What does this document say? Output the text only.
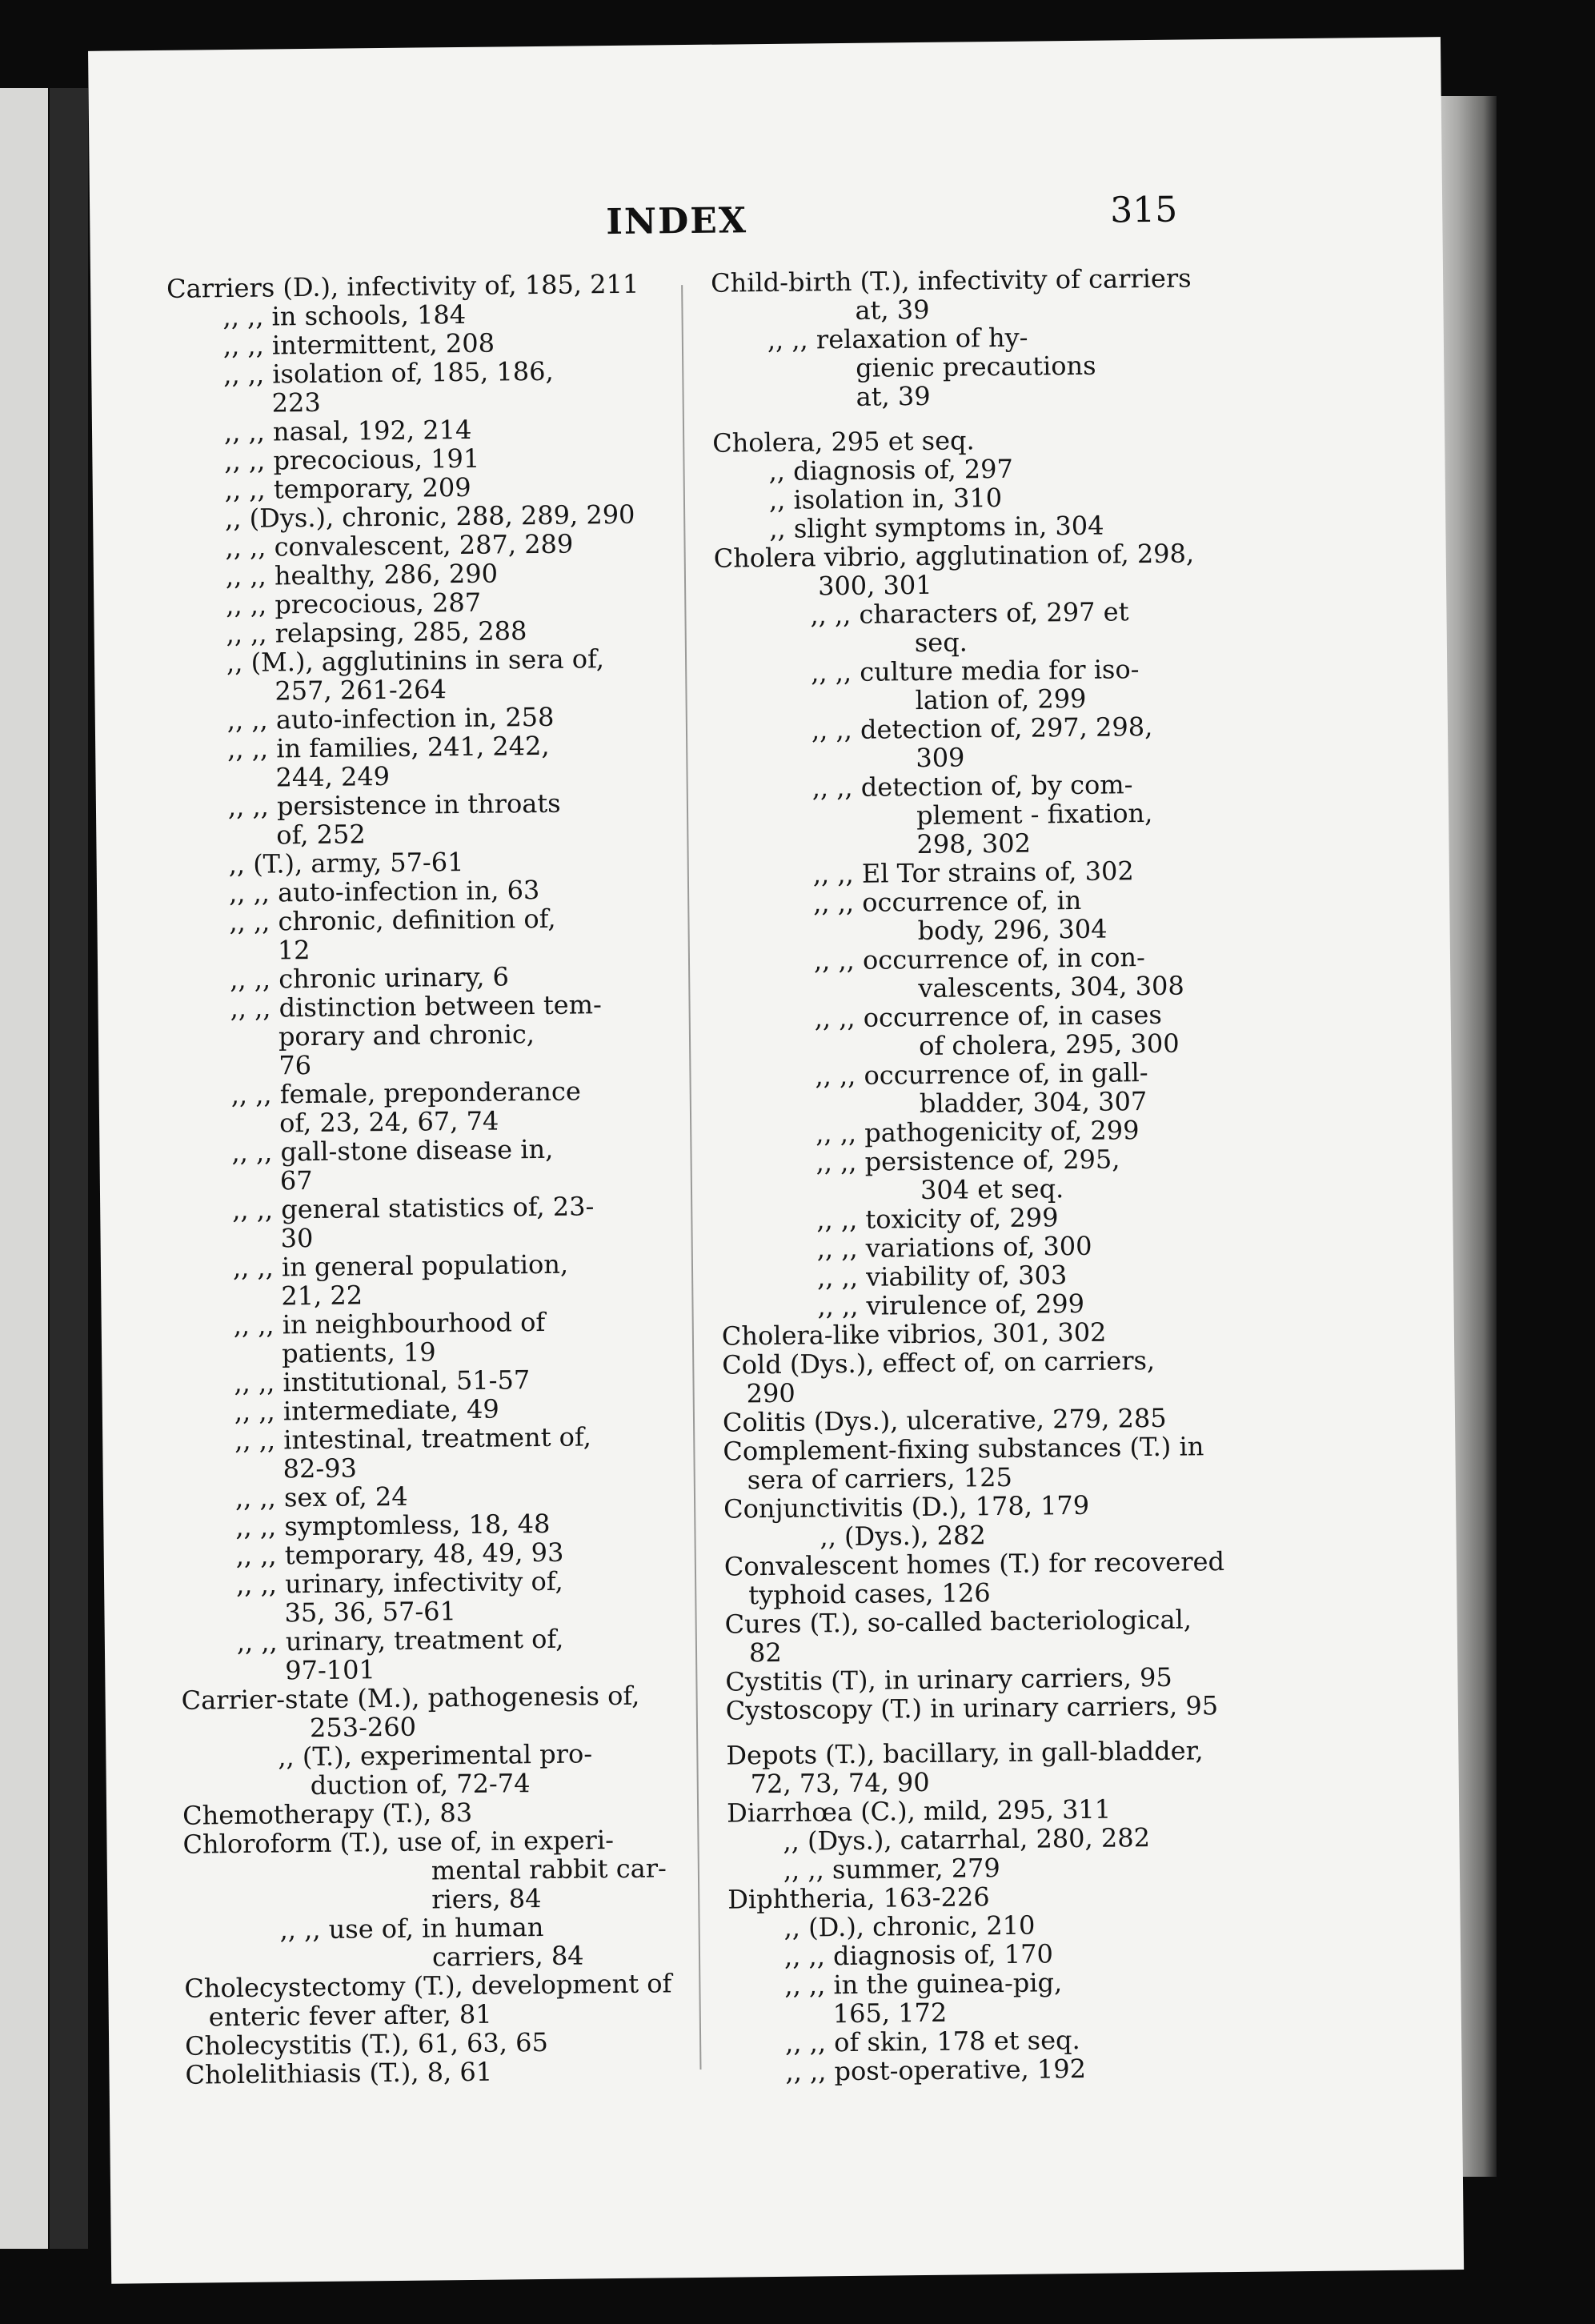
INDEX	315
Carriers (D.), infectivity of, 185, 211
,, ,, in schools, 184
,, ,, intermittent, 208
,, ,, isolation of, 185, 186,
223
,, ,, nasal, 192, 214
,, ,, precocious, 191
,, ,, temporary, 209
,, (Dys.), chronic, 288, 289, 290
,, ,, convalescent, 287, 289
,, ,, healthy, 286, 290
,, ,, precocious, 287
,, ,, relapsing, 285, 288
,, (M.), agglutinins in sera of,
257, 261-264
,, ,, auto-infection in, 258
,, ,, in families, 241, 242,
244, 249
,, ,, persistence in throats
of, 252
,, (T.), army, 57-61
,, ,, auto-infection in, 63
,, ,, chronic, definition of,
12
,, ,, chronic urinary, 6
,, ,, distinction between tem-
porary and chronic,
76
,, ,, female, preponderance
of, 23, 24, 67, 74
,, ,, gall-stone disease in,
67
,, ,, general statistics of, 23-
30
,, ,, in general population,
21, 22
,, ,, in neighbourhood of
patients, 19
,, ,, institutional, 51-57
,, ,, intermediate, 49
,, ,, intestinal, treatment of,
82-93
,, ,, sex of, 24
,, ,, symptomless, 18, 48
,, ,, temporary, 48, 49, 93
,, ,, urinary, infectivity of,
35, 36, 57-61
,, ,, urinary, treatment of,
97-101
Carrier-state (M.), pathogenesis of,
253-260
,, (T.), experimental pro-
duction of, 72-74
Chemotherapy (T.), 83
Chloroform (T.), use of, in experi-
mental rabbit car-
riers, 84
,, ,, use of, in human
carriers, 84
Cholecystectomy (T.), development of
enteric fever after, 81
Cholecystitis (T.), 61, 63, 65
Cholelithiasis (T.), 8, 61
Child-birth (T.), infectivity of carriers
at, 39
,, ,, relaxation of hy-
gienic precautions
at, 39
Cholera, 295 et seq.
,, diagnosis of, 297
,, isolation in, 310
,, slight symptoms in, 304
Cholera vibrio, agglutination of, 298,
300, 301
,, ,, characters of, 297 et
seq.
,, ,, culture media for iso-
lation of, 299
,, ,, detection of, 297, 298,
309
,, ,, detection of, by com-
plement - fixation,
298, 302
,, ,, El Tor strains of, 302
,, ,, occurrence of, in
body, 296, 304
,, ,, occurrence of, in con-
valescents, 304, 308
,, ,, occurrence of, in cases
of cholera, 295, 300
,, ,, occurrence of, in gall-
bladder, 304, 307
,, ,, pathogenicity of, 299
,, ,, persistence of, 295,
304 et seq.
,, ,, toxicity of, 299
,, ,, variations of, 300
,, ,, viability of, 303
,, ,, virulence of, 299
Cholera-like vibrios, 301, 302
Cold (Dys.), effect of, on carriers,
290
Colitis (Dys.), ulcerative, 279, 285
Complement-fixing substances (T.) in
sera of carriers, 125
Conjunctivitis (D.), 178, 179
,, (Dys.), 282
Convalescent homes (T.) for recovered
typhoid cases, 126
Cures (T.), so-called bacteriological,
82
Cystitis (T), in urinary carriers, 95
Cystoscopy (T.) in urinary carriers, 95
Depots (T.), bacillary, in gall-bladder,
72, 73, 74, 90
Diarrhœa (C.), mild, 295, 311
,, (Dys.), catarrhal, 280, 282
,, ,, summer, 279
Diphtheria, 163-226
,, (D.), chronic, 210
,, ,, diagnosis of, 170
,, ,, in the guinea-pig,
165, 172
,, ,, of skin, 178 et seq.
,, ,, post-operative, 192
